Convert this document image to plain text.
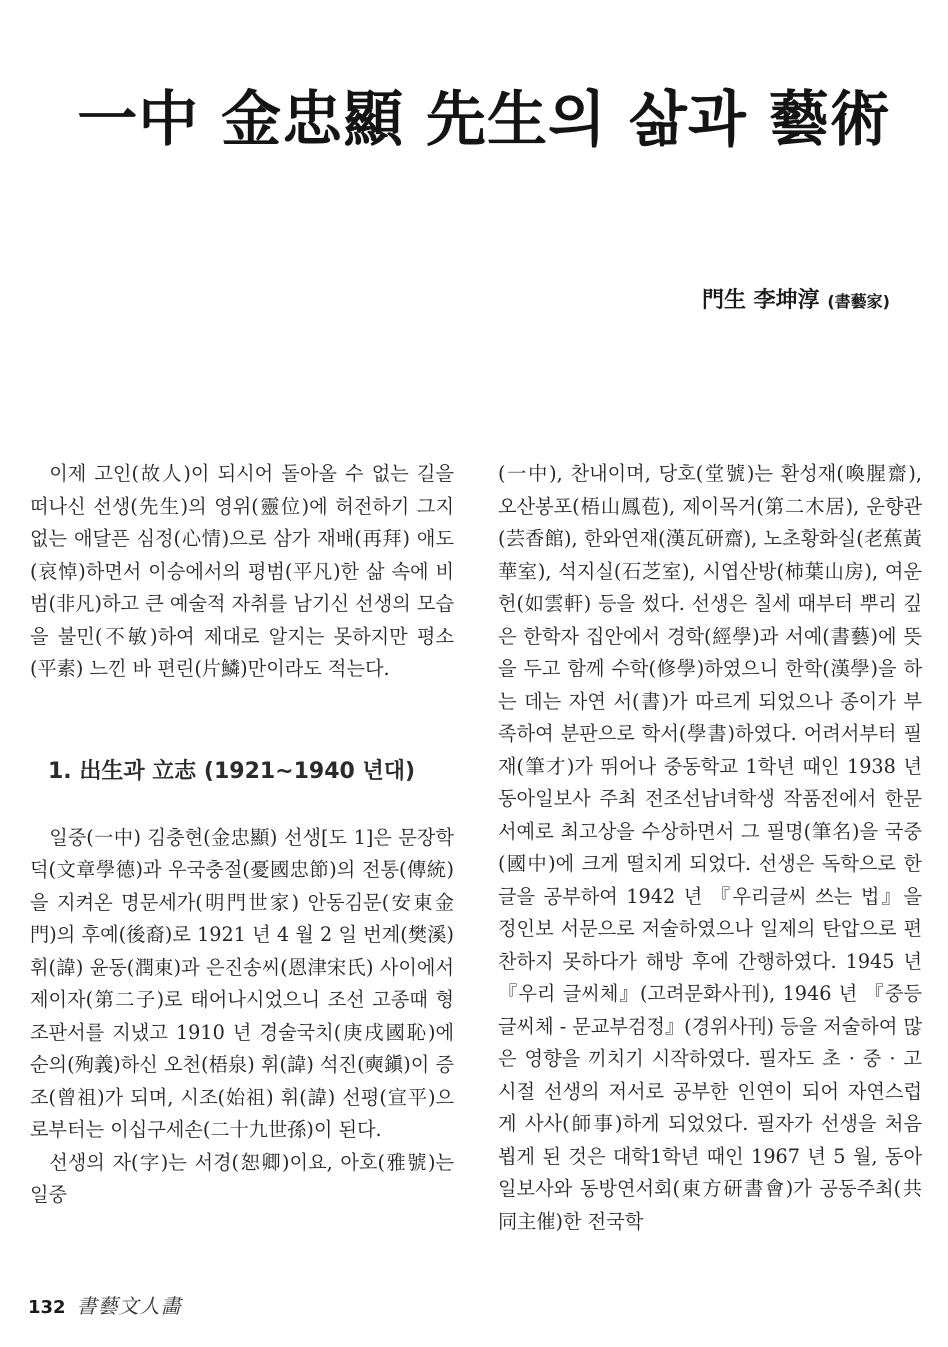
一中 金忠顯 先生의 삶과 藝術
門生 李坤淳 (書藝家)

이제 고인(故人)이 되시어 돌아올 수 없는 길을 떠나신 선생(先生)의 영위(靈位)에 허전하기 그지없는 애달픈 심정(心情)으로 삼가 재배(再拜) 애도(哀悼)하면서 이승에서의 평범(平凡)한 삶 속에 비범(非凡)하고 큰 예술적 자취를 남기신 선생의 모습을 불민(不敏)하여 제대로 알지는 못하지만 평소(平素) 느낀 바 편린(片鱗)만이라도 적는다.

1. 出生과 立志 (1921~1940 년대)

일중(一中) 김충현(金忠顯) 선생[도 1]은 문장학덕(文章學德)과 우국충절(憂國忠節)의 전통(傳統)을 지켜온 명문세가(明門世家) 안동김문(安東金門)의 후예(後裔)로 1921 년 4 월 2 일 번계(樊溪) 휘(諱) 윤동(潤東)과 은진송씨(恩津宋氏) 사이에서 제이자(第二子)로 태어나시었으니 조선 고종때 형조판서를 지냈고 1910 년 경술국치(庚戌國恥)에 순의(殉義)하신 오천(梧泉) 휘(諱) 석진(奭鎭)이 증조(曾祖)가 되며, 시조(始祖) 휘(諱) 선평(宣平)으로부터는 이십구세손(二十九世孫)이 된다.

선생의 자(字)는 서경(恕卿)이요, 아호(雅號)는 일중

(一中), 찬내이며, 당호(堂號)는 환성재(喚腥齋), 오산봉포(梧山鳳苞), 제이목거(第二木居), 운향관(芸香館), 한와연재(漢瓦研齋), 노초황화실(老蕉黃華室), 석지실(石芝室), 시엽산방(柿葉山房), 여운헌(如雲軒) 등을 썼다. 선생은 칠세 때부터 뿌리 깊은 한학자 집안에서 경학(經學)과 서예(書藝)에 뜻을 두고 함께 수학(修學)하였으니 한학(漢學)을 하는 데는 자연 서(書)가 따르게 되었으나 종이가 부족하여 분판으로 학서(學書)하였다. 어려서부터 필재(筆才)가 뛰어나 중동학교 1학년 때인 1938 년 동아일보사 주최 전조선남녀학생 작품전에서 한문서예로 최고상을 수상하면서 그 필명(筆名)을 국중(國中)에 크게 떨치게 되었다. 선생은 독학으로 한글을 공부하여 1942 년 『우리글씨 쓰는 법』을 정인보 서문으로 저술하였으나 일제의 탄압으로 편찬하지 못하다가 해방 후에 간행하였다. 1945 년 『우리 글씨체』(고려문화사刊), 1946 년 『중등 글씨체 - 문교부검정』(경위사刊) 등을 저술하여 많은 영향을 끼치기 시작하였다. 필자도 초 · 중 · 고시절 선생의 저서로 공부한 인연이 되어 자연스럽게 사사(師事)하게 되었었다. 필자가 선생을 처음 뵙게 된 것은 대학1학년 때인 1967 년 5 월, 동아일보사와 동방연서회(東方研書會)가 공동주최(共同主催)한 전국학

132 書藝文人畵
